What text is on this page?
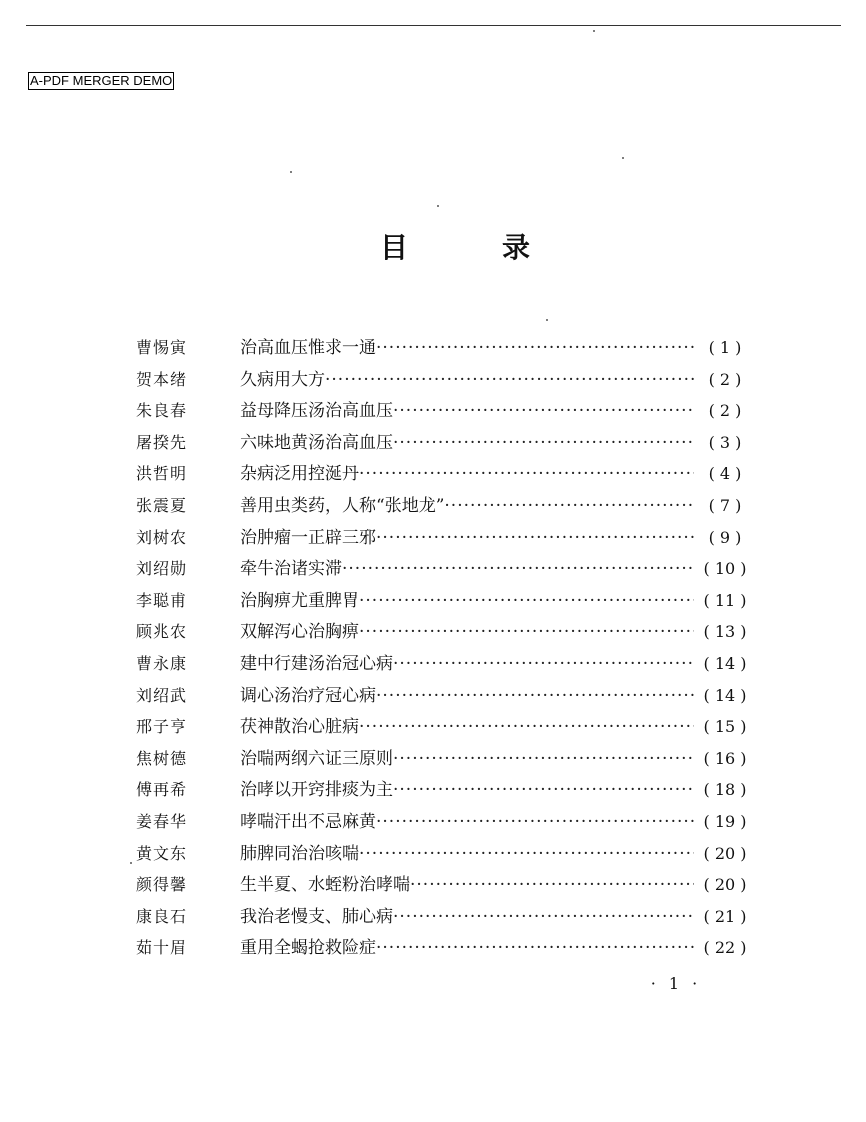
A-PDF MERGER DEMO
目	录
曹惕寅	治高血压惟求一通 ·····	( 1 )
贺本绪	久病用大方 ·····	( 2 )
朱良春	益母降压汤治高血压 ·····	( 2 )
屠揆先	六味地黄汤治高血压 ·····	( 3 )
洪哲明	杂病泛用控涎丹 ·····	( 4 )
张震夏	善用虫类药，人称“张地龙” ·····	( 7 )
刘树农	治肿瘤一正辟三邪 ·····	( 9 )
刘绍勋	牵牛治诸实滞 ·····	( 10 )
李聪甫	治胸痹尤重脾胃 ·····	( 11 )
顾兆农	双解泻心治胸痹 ·····	( 13 )
曹永康	建中行建汤治冠心病 ·····	( 14 )
刘绍武	调心汤治疗冠心病 ·····	( 14 )
邢子亨	茯神散治心脏病 ·····	( 15 )
焦树德	治喘两纲六证三原则 ·····	( 16 )
傅再希	治哮以开窍排痰为主 ·····	( 18 )
姜春华	哮喘汗出不忌麻黄 ·····	( 19 )
黄文东	肺脾同治治咳喘 ·····	( 20 )
颜得馨	生半夏、水蛭粉治哮喘 ·····	( 20 )
康良石	我治老慢支、肺心病 ·····	( 21 )
茹十眉	重用全蝎抢救险症 ·····	( 22 )
· 1 ·
